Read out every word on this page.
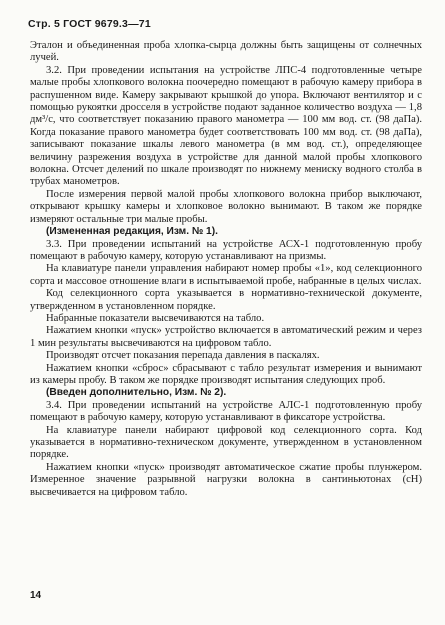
Стр. 5 ГОСТ 9679.3—71

Эталон и объединенная проба хлопка-сырца должны быть защищены от солнечных лучей.

3.2. При проведении испытания на устройстве ЛПС-4 подготовленные четыре малые пробы хлопкового волокна поочередно помещают в рабочую камеру прибора в распушенном виде. Камеру закрывают крышкой до упора. Включают вентилятор и с помощью рукоятки дросселя в устройстве подают заданное количество воздуха — 1,8 дм³/с, что соответствует показанию правого манометра — 100 мм вод. ст. (98 даПа). Когда показание правого манометра будет соответствовать 100 мм вод. ст. (98 даПа), записывают показание шкалы левого манометра (в мм вод. ст.), определяющее величину разрежения воздуха в устройстве для данной малой пробы хлопкового волокна. Отсчет делений по шкале производят по нижнему мениску водного столба в трубах манометров.

После измерения первой малой пробы хлопкового волокна прибор выключают, открывают крышку камеры и хлопковое волокно вынимают. В таком же порядке измеряют остальные три малые пробы.

(Измененная редакция, Изм. № 1).

3.3. При проведении испытаний на устройстве АСХ-1 подготовленную пробу помещают в рабочую камеру, которую устанавливают на призмы.

На клавиатуре панели управления набирают номер пробы «1», код селекционного сорта и массовое отношение влаги в испытываемой пробе, набранные в целых числах.

Код селекционного сорта указывается в нормативно-технической документе, утвержденном в установленном порядке.

Набранные показатели высвечиваются на табло.

Нажатием кнопки «пуск» устройство включается в автоматический режим и через 1 мин результаты высвечиваются на цифровом табло.

Производят отсчет показания перепада давления в паскалях.

Нажатием кнопки «сброс» сбрасывают с табло результат измерения и вынимают из камеры пробу. В таком же порядке производят испытания следующих проб.

(Введен дополнительно, Изм. № 2).

3.4. При проведении испытаний на устройстве АЛС-1 подготовленную пробу помещают в рабочую камеру, которую устанавливают в фиксаторе устройства.

На клавиатуре панели набирают цифровой код селекционного сорта. Код указывается в нормативно-техническом документе, утвержденном в установленном порядке.

Нажатием кнопки «пуск» производят автоматическое сжатие пробы плунжером. Измеренное значение разрывной нагрузки волокна в сантиньютонах (сН) высвечивается на цифровом табло.

14
